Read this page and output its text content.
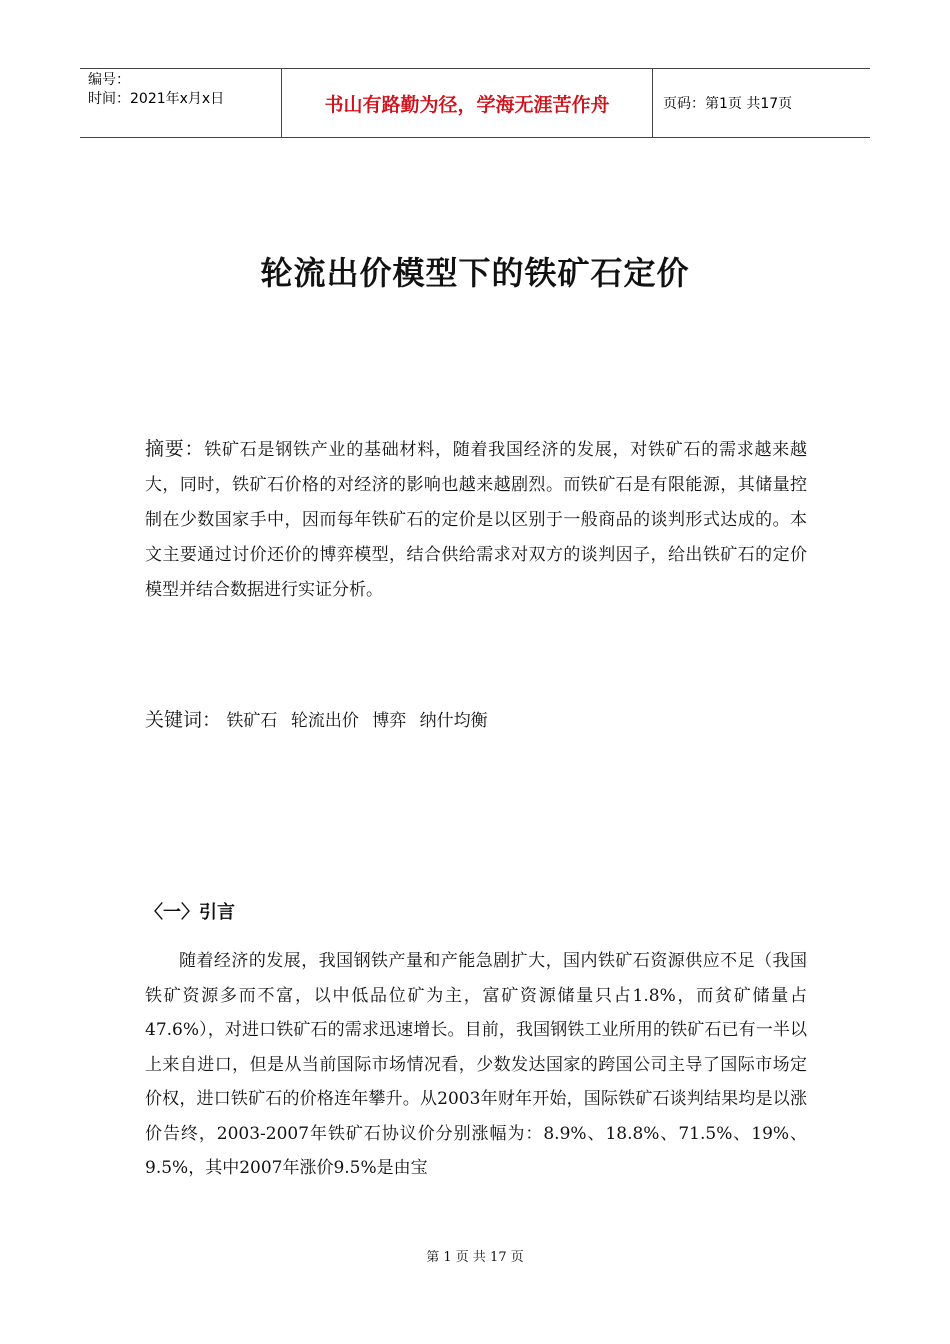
编号：
时间：2021年x月x日	书山有路勤为径，学海无涯苦作舟	页码：第1页 共17页
轮流出价模型下的铁矿石定价
摘要：铁矿石是钢铁产业的基础材料，随着我国经济的发展，对铁矿石的需求越来越大，同时，铁矿石价格的对经济的影响也越来越剧烈。而铁矿石是有限能源，其储量控制在少数国家手中，因而每年铁矿石的定价是以区别于一般商品的谈判形式达成的。本文主要通过讨价还价的博弈模型，结合供给需求对双方的谈判因子，给出铁矿石的定价模型并结合数据进行实证分析。
关键词： 铁矿石 轮流出价 博弈 纳什均衡
〈一〉引言

随着经济的发展，我国钢铁产量和产能急剧扩大，国内铁矿石资源供应不足（我国铁矿资源多而不富，以中低品位矿为主，富矿资源储量只占1.8%，而贫矿储量占47.6%），对进口铁矿石的需求迅速增长。目前，我国钢铁工业所用的铁矿石已有一半以上来自进口，但是从当前国际市场情况看，少数发达国家的跨国公司主导了国际市场定价权，进口铁矿石的价格连年攀升。从2003年财年开始，国际铁矿石谈判结果均是以涨价告终，2003-2007年铁矿石协议价分别涨幅为：8.9%、18.8%、71.5%、19%、9.5%，其中2007年涨价9.5%是由宝

第 1 页 共 17 页
